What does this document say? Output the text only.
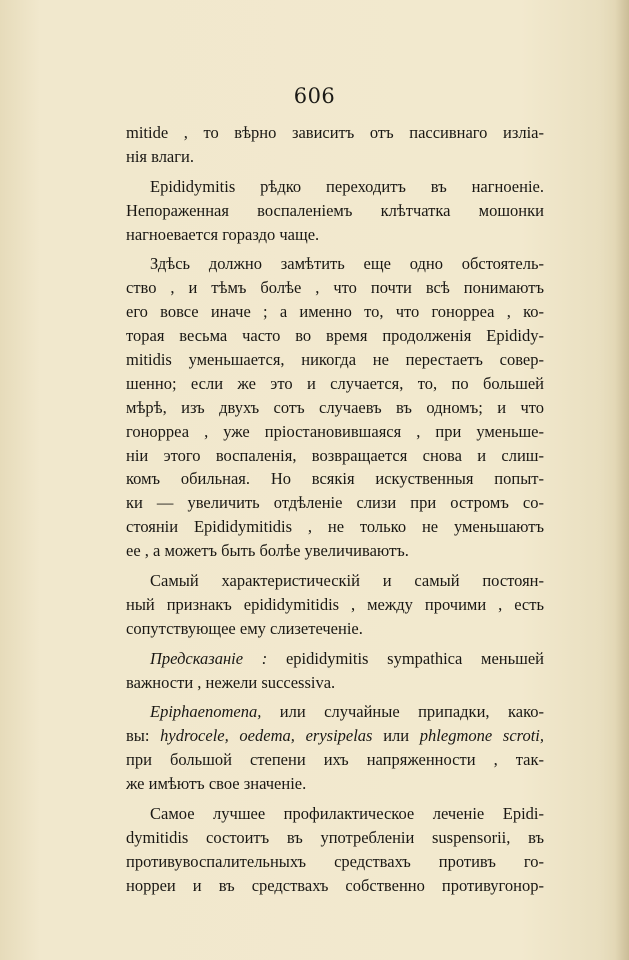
606
mitide , то вѣрно зависитъ отъ пассивнаго изліа-
нія влаги.
Epididymitis рѣдко переходитъ въ нагноеніе.
Непораженная воспаленіемъ клѣтчатка мошонки
нагноевается гораздо чаще.
Здѣсь должно замѣтить еще одно обстоятель-
ство , и тѣмъ болѣе , что почти всѣ понимаютъ
его вовсе иначе ; а именно то, что гонорреа , ко-
торая весьма часто во время продолженія Epididy-
mitidis уменьшается, никогда не перестаетъ совер-
шенно; если же это и случается, то, по большей
мѣрѣ, изъ двухъ сотъ случаевъ въ одномъ; и что
гонорреа , уже пріостановившаяся , при уменьше-
ніи этого воспаленія, возвращается снова и слиш-
комъ обильная. Но всякія искуственныя попыт-
ки — увеличить отдѣленіе слизи при остромъ со-
стояніи Epididymitidis , не только не уменьшаютъ
ее , а можетъ быть болѣе увеличиваютъ.
Самый характеристическій и самый постоян-
ный признакъ epididymitidis , между прочими , есть
сопутствующее ему слизетеченіе.
Предсказаніе : epididymitis sympathica меньшей
важности , нежели successiva.
Epiphaenomena, или случайные припадки, како-
вы: hydrocele, oedema, erysipelas или phlegmone scroti,
при большой степени ихъ напряженности , так-
же имѣютъ свое значеніе.
Самое лучшее профилактическое леченіе Epidi-
dymitidis состоитъ въ употребленіи suspensorii, въ
противувоспалительныхъ средствахъ противъ го-
норреи и въ средствахъ собственно противугонор-
